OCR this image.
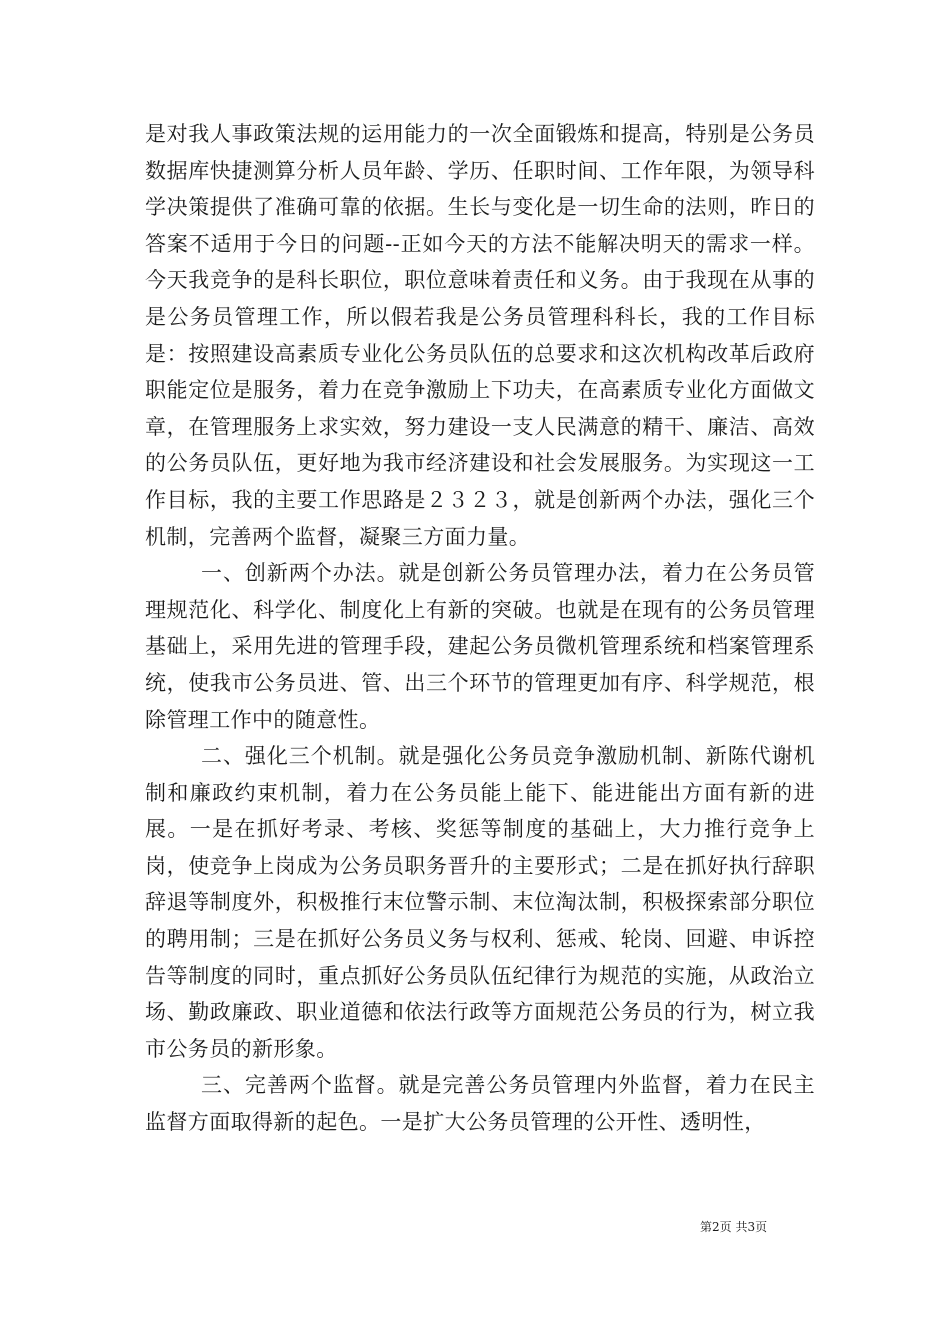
是对我人事政策法规的运用能力的一次全面锻炼和提高，特别是公务员数据库快捷测算分析人员年龄、学历、任职时间、工作年限，为领导科学决策提供了准确可靠的依据。生长与变化是一切生命的法则，昨日的答案不适用于今日的问题--正如今天的方法不能解决明天的需求一样。今天我竞争的是科长职位，职位意味着责任和义务。由于我现在从事的是公务员管理工作，所以假若我是公务员管理科科长，我的工作目标是：按照建设高素质专业化公务员队伍的总要求和这次机构改革后政府职能定位是服务，着力在竞争激励上下功夫，在高素质专业化方面做文章，在管理服务上求实效，努力建设一支人民满意的精干、廉洁、高效的公务员队伍，更好地为我市经济建设和社会发展服务。为实现这一工作目标，我的主要工作思路是２３２３，就是创新两个办法，强化三个机制，完善两个监督，凝聚三方面力量。

一、创新两个办法。就是创新公务员管理办法，着力在公务员管理规范化、科学化、制度化上有新的突破。也就是在现有的公务员管理基础上，采用先进的管理手段，建起公务员微机管理系统和档案管理系统，使我市公务员进、管、出三个环节的管理更加有序、科学规范，根除管理工作中的随意性。

二、强化三个机制。就是强化公务员竞争激励机制、新陈代谢机制和廉政约束机制，着力在公务员能上能下、能进能出方面有新的进展。一是在抓好考录、考核、奖惩等制度的基础上，大力推行竞争上岗，使竞争上岗成为公务员职务晋升的主要形式；二是在抓好执行辞职辞退等制度外，积极推行末位警示制、末位淘汰制，积极探索部分职位的聘用制；三是在抓好公务员义务与权利、惩戒、轮岗、回避、申诉控告等制度的同时，重点抓好公务员队伍纪律行为规范的实施，从政治立场、勤政廉政、职业道德和依法行政等方面规范公务员的行为，树立我市公务员的新形象。

三、完善两个监督。就是完善公务员管理内外监督，着力在民主监督方面取得新的起色。一是扩大公务员管理的公开性、透明性，

第2页 共3页
